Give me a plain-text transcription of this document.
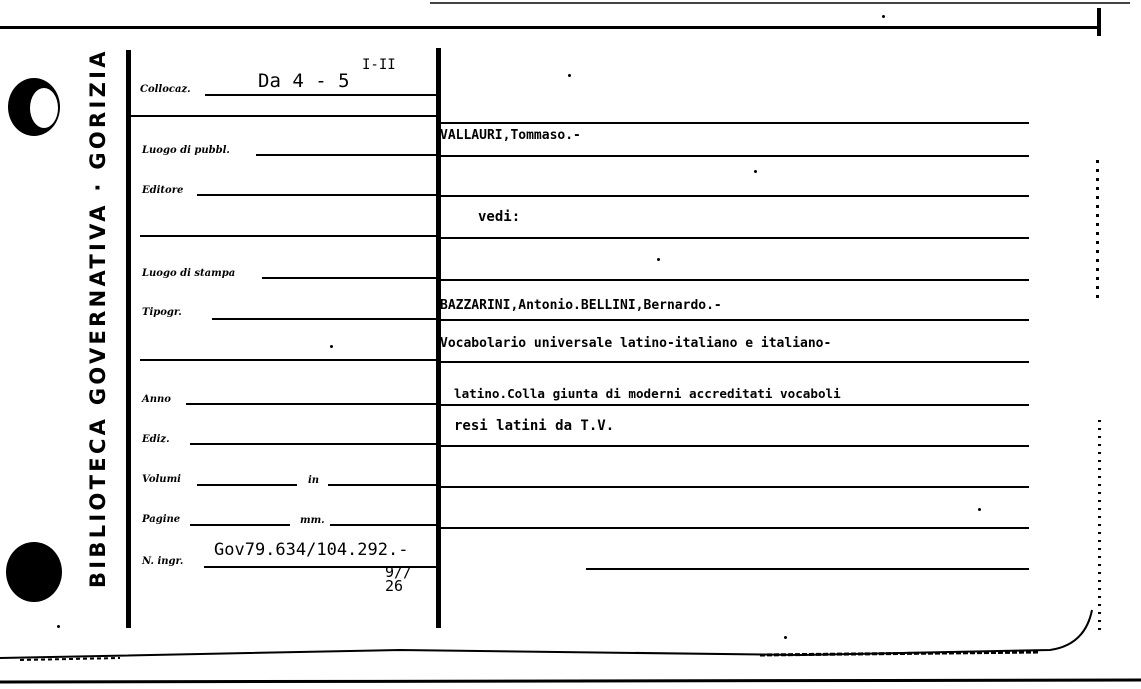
BIBLIOTECA GOVERNATIVA · GORIZIA	Collocaz.	Da 4 - 5
I-II
Luogo di pubbl.
Editore
Luogo di stampa
Tipogr.
Anno
Ediz.
Volumi	in
Pagine	mm.
N. ingr.
Gov79.634/104.292.-
9//
26
VALLAURI,Tommaso.-
vedi:
BAZZARINI,Antonio.BELLINI,Bernardo.-
Vocabolario universale latino-italiano e italiano-
latino.Colla giunta di moderni accreditati vocaboli
resi latini da T.V.
